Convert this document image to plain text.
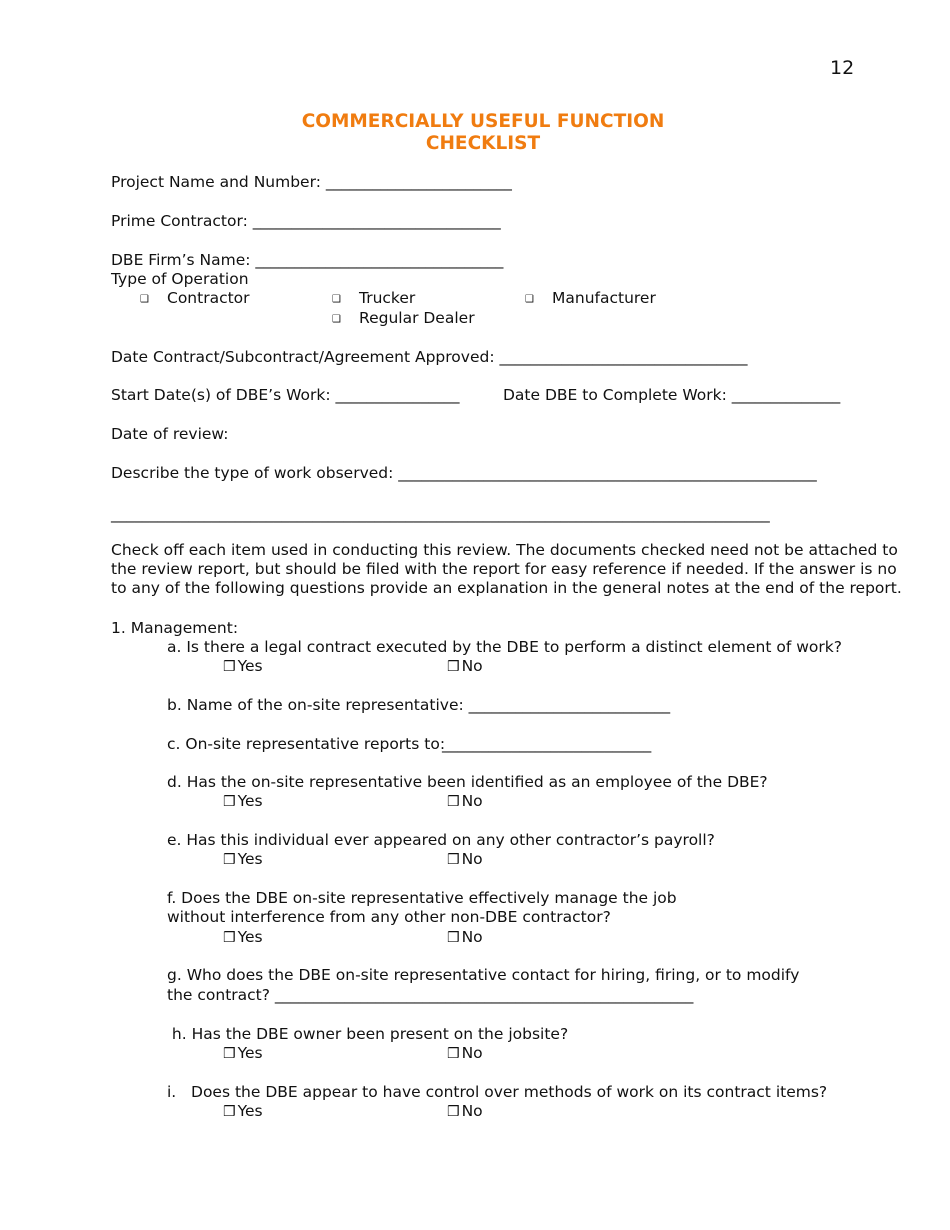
12
COMMERCIALLY USEFUL FUNCTION
CHECKLIST
Project Name and Number: ________________________
Prime Contractor: ________________________________
DBE Firm’s Name: ________________________________
Type of Operation
❑ Contractor	❑ Trucker	❑ Manufacturer
❑ Regular Dealer
Date Contract/Subcontract/Agreement Approved: ________________________________
Start Date(s) of DBE’s Work: ________________	Date DBE to Complete Work: ______________
Date of review:
Describe the type of work observed: ______________________________________________________
_____________________________________________________________________________________
Check off each item used in conducting this review. The documents checked need not be attached to
the review report, but should be filed with the report for easy reference if needed. If the answer is no
to any of the following questions provide an explanation in the general notes at the end of the report.
1. Management:
a. Is there a legal contract executed by the DBE to perform a distinct element of work?
❒ Yes	❒ No
b. Name of the on-site representative: __________________________
c. On-site representative reports to:
___________________________
d. Has the on-site representative been identified as an employee of the DBE?
❒ Yes	❒ No
e. Has this individual ever appeared on any other contractor’s payroll?
❒ Yes	❒ No
f. Does the DBE on-site representative effectively manage the job
without interference from any other non-DBE contractor?
❒ Yes	❒ No
g. Who does the DBE on-site representative contact for hiring, firing, or to modify
the contract? ______________________________________________________
h. Has the DBE owner been present on the jobsite?
❒ Yes	❒ No
i.   Does the DBE appear to have control over methods of work on its contract items?
❒ Yes	❒ No
